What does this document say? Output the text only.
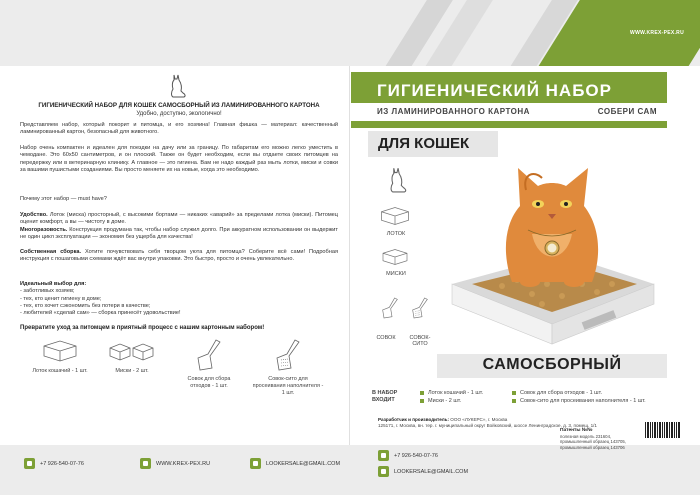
WWW.KREX-PEX.RU
ГИГИЕНИЧЕСКИЙ НАБОР ДЛЯ КОШЕК САМОСБОРНЫЙ ИЗ ЛАМИНИРОВАННОГО КАРТОНА
Удобно, доступно, экологично!
Представляем набор, который покорит и питомца, и его хозяина! Главная фишка — материал: качественный ламинированный картон, безопасный для животного.
Набор очень компактен и идеален для поездки на дачу или за границу. По габаритам его можно легко уместить в чемодане. Это 60х50 сантиметров, и он плоский. Также он будет необходим, если вы отдаете своих питомцев на передержку или в ветеринарную клинику. А главное — это гигиена. Вам не надо каждый раз мыть лотки, миски и совки за вашими пушистыми созданиями. Вы просто меняете их на новые, когда это необходимо.
Почему этот набор — must have?
Удобство. Лоток (миска) просторный, с высокими бортами — никаких «аварий» за пределами лотка (миски). Питомец оценит комфорт, а вы — чистоту в доме.
Многоразовость. Конструкция продумана так, чтобы набор служил долго. При аккуратном использовании он выдержит не один цикл эксплуатации — экономия без ущерба для качества!
Собственная сборка. Хотите почувствовать себя творцом уюта для питомца? Соберите всё сами! Подробная инструкция с пошаговыми схемами ждёт вас внутри упаковки. Это быстро, просто и очень увлекательно.
Идеальный выбор для:
- заботливых хозяев;
- тех, кто ценит гигиену в доме;
- тех, кто хочет сэкономить без потери в качестве;
- любителей «сделай сам» — сборка принесёт удовольствие!
Превратите уход за питомцем в приятный процесс с нашим картонным набором!
Лоток кошачий - 1 шт.	Миски - 2 шт.
Совок для сбора отходов - 1 шт.
Совок-сито для просеивания наполнителя - 1 шт.
ГИГИЕНИЧЕСКИЙ НАБОР
ИЗ ЛАМИНИРОВАННОГО КАРТОНА	СОБЕРИ САМ
ДЛЯ КОШЕК
ЛОТОК
МИСКИ
СОВОК	СОВОК-СИТО
САМОСБОРНЫЙ
В НАБОР ВХОДИТ
Лоток кошачий - 1 шт.
Миски - 2 шт.
Совок для сбора отходов - 1 шт.
Совок-сито для просеивания наполнителя - 1 шт.
Разработчик и производитель: ООО «ЛУКЕРС», г. Москва
125171, г. Москва, вн. тер. г. муниципальный округ Войковский, шоссе Ленинградское, д. 3, помещ. 1/1
Патенты №№
полезная модель 231604,
промышленный образец 143705,
промышленный образец 143706
+7 926-540-07-76	WWW.KREX-PEX.RU	LOOKERSALE@GMAIL.COM
+7 926-540-07-76
LOOKERSALE@GMAIL.COM
